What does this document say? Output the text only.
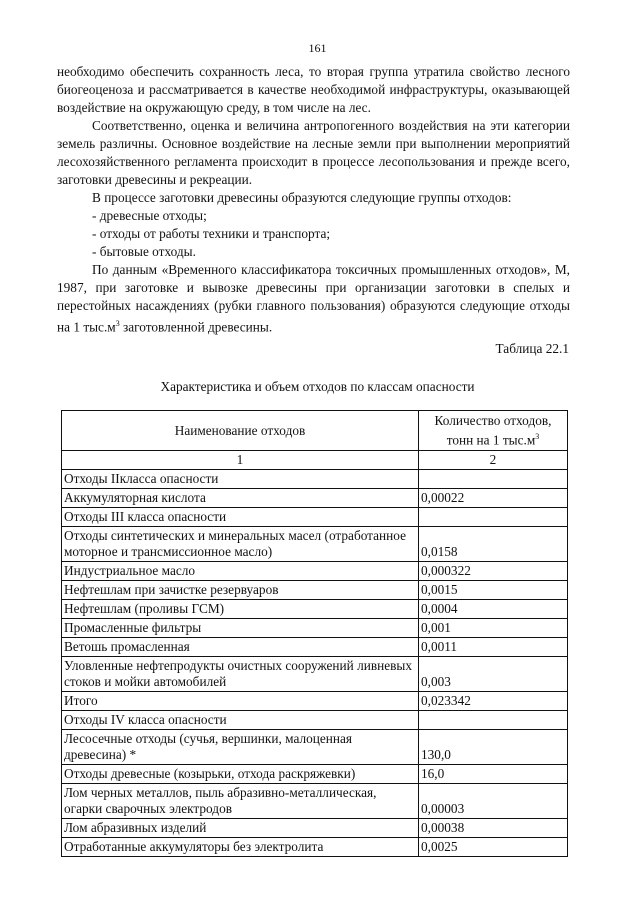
161

необходимо обеспечить сохранность леса, то вторая группа утратила свойство лесного биогеоценоза и рассматривается в качестве необходимой инфраструктуры, оказывающей воздействие на окружающую среду, в том числе на лес.

Соответственно, оценка и величина антропогенного воздействия на эти категории земель различны. Основное воздействие на лесные земли при выполнении мероприятий лесохозяйственного регламента происходит в процессе лесопользования и прежде всего, заготовки древесины и рекреации.

В процессе заготовки древесины образуются следующие группы отходов:

- древесные отходы;

- отходы от работы техники и транспорта;

- бытовые отходы.

По данным «Временного классификатора токсичных промышленных отходов», М, 1987, при заготовке и вывозке древесины при организации заготовки в спелых и перестойных насаждениях (рубки главного пользования) образуются следующие отходы на 1 $тыс.м^3$ заготовленной древесины.

Таблица 22.1
Характеристика и объем отходов по классам опасности
Наименование отходов	Количество отходов,
тонн на 1 $тыс.м^3$
1	2
Отходы IIкласса опасности	
Аккумуляторная кислота	0,00022
Отходы III класса опасности	
Отходы синтетических и минеральных масел (отработанное моторное и трансмиссионное масло)	0,0158
Индустриальное масло	0,000322
Нефтешлам при зачистке резервуаров	0,0015
Нефтешлам (проливы ГСМ)	0,0004
Промасленные фильтры	0,001
Ветошь промасленная	0,0011
Уловленные нефтепродукты очистных сооружений ливневых стоков и мойки автомобилей	0,003
Итого	0,023342
Отходы IV класса опасности	
Лесосечные отходы (сучья, вершинки, малоценная древесина) *	130,0
Отходы древесные (козырьки, отхода раскряжевки)	16,0
Лом черных металлов, пыль абразивно-металлическая, огарки сварочных электродов	0,00003
Лом абразивных изделий	0,00038
Отработанные аккумуляторы без электролита	0,0025
